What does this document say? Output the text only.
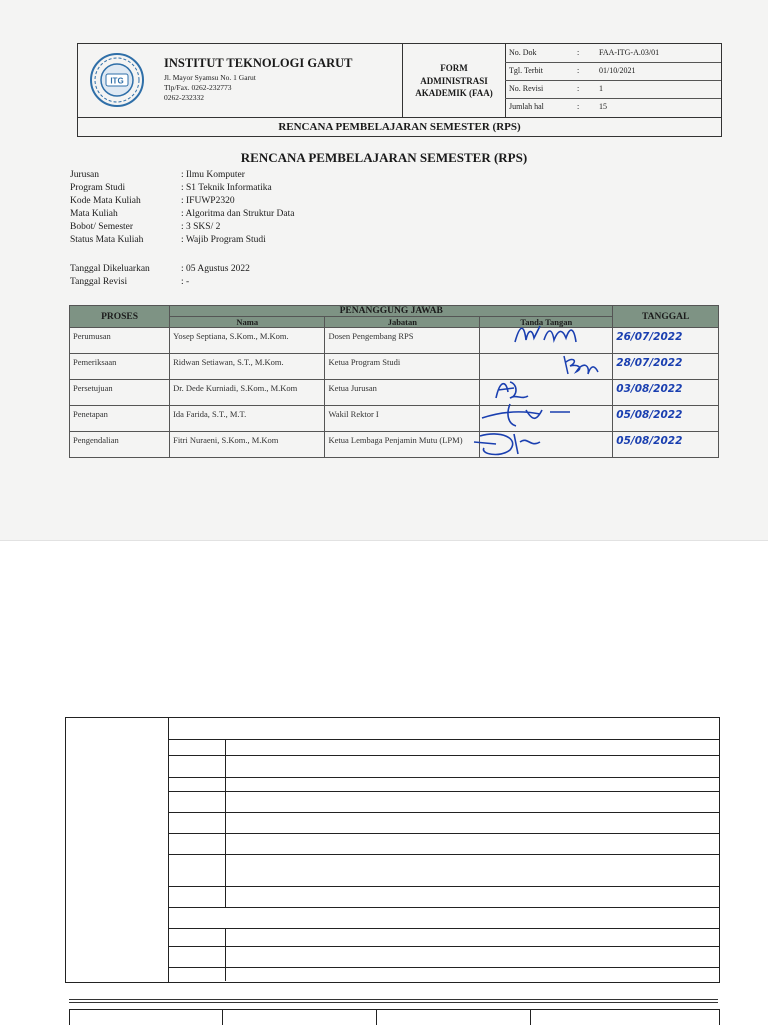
ITG
INSTITUT TEKNOLOGI GARUT
Jl. Mayor Syamsu No. 1 Garut
Tlp/Fax. 0262-232773
0262-232332
FORM
ADMINISTRASI
AKADEMIK (FAA)
No. Dok	: FAA-ITG-A.03/01
Tgl. Terbit	: 01/10/2021
No. Revisi	: 1
Jumlah hal	: 15
RENCANA PEMBELAJARAN SEMESTER (RPS)
RENCANA PEMBELAJARAN SEMESTER (RPS)
Jurusan	: Ilmu Komputer
Program Studi	: S1 Teknik Informatika
Kode Mata Kuliah	: IFUWP2320
Mata Kuliah	: Algoritma dan Struktur Data
Bobot/ Semester	: 3 SKS/ 2
Status Mata Kuliah	: Wajib Program Studi
Tanggal Dikeluarkan	: 05 Agustus 2022
Tanggal Revisi	: -
PROSES	PENANGGUNG JAWAB			TANGGAL
	Nama	Jabatan	Tanda Tangan	
Perumusan	Yosep Septiana, S.Kom., M.Kom.	Dosen Pengembang RPS		26/07/2022
Pemeriksaan	Ridwan Setiawan, S.T., M.Kom.	Ketua Program Studi		28/07/2022
Persetujuan	Dr. Dede Kurniadi, S.Kom., M.Kom	Ketua Jurusan		03/08/2022
Penetapan	Ida Farida, S.T., M.T.	Wakil Rektor I		05/08/2022
Pengendalian	Fitri Nuraeni, S.Kom., M.Kom	Ketua Lembaga Penjamin Mutu (LPM)		05/08/2022
